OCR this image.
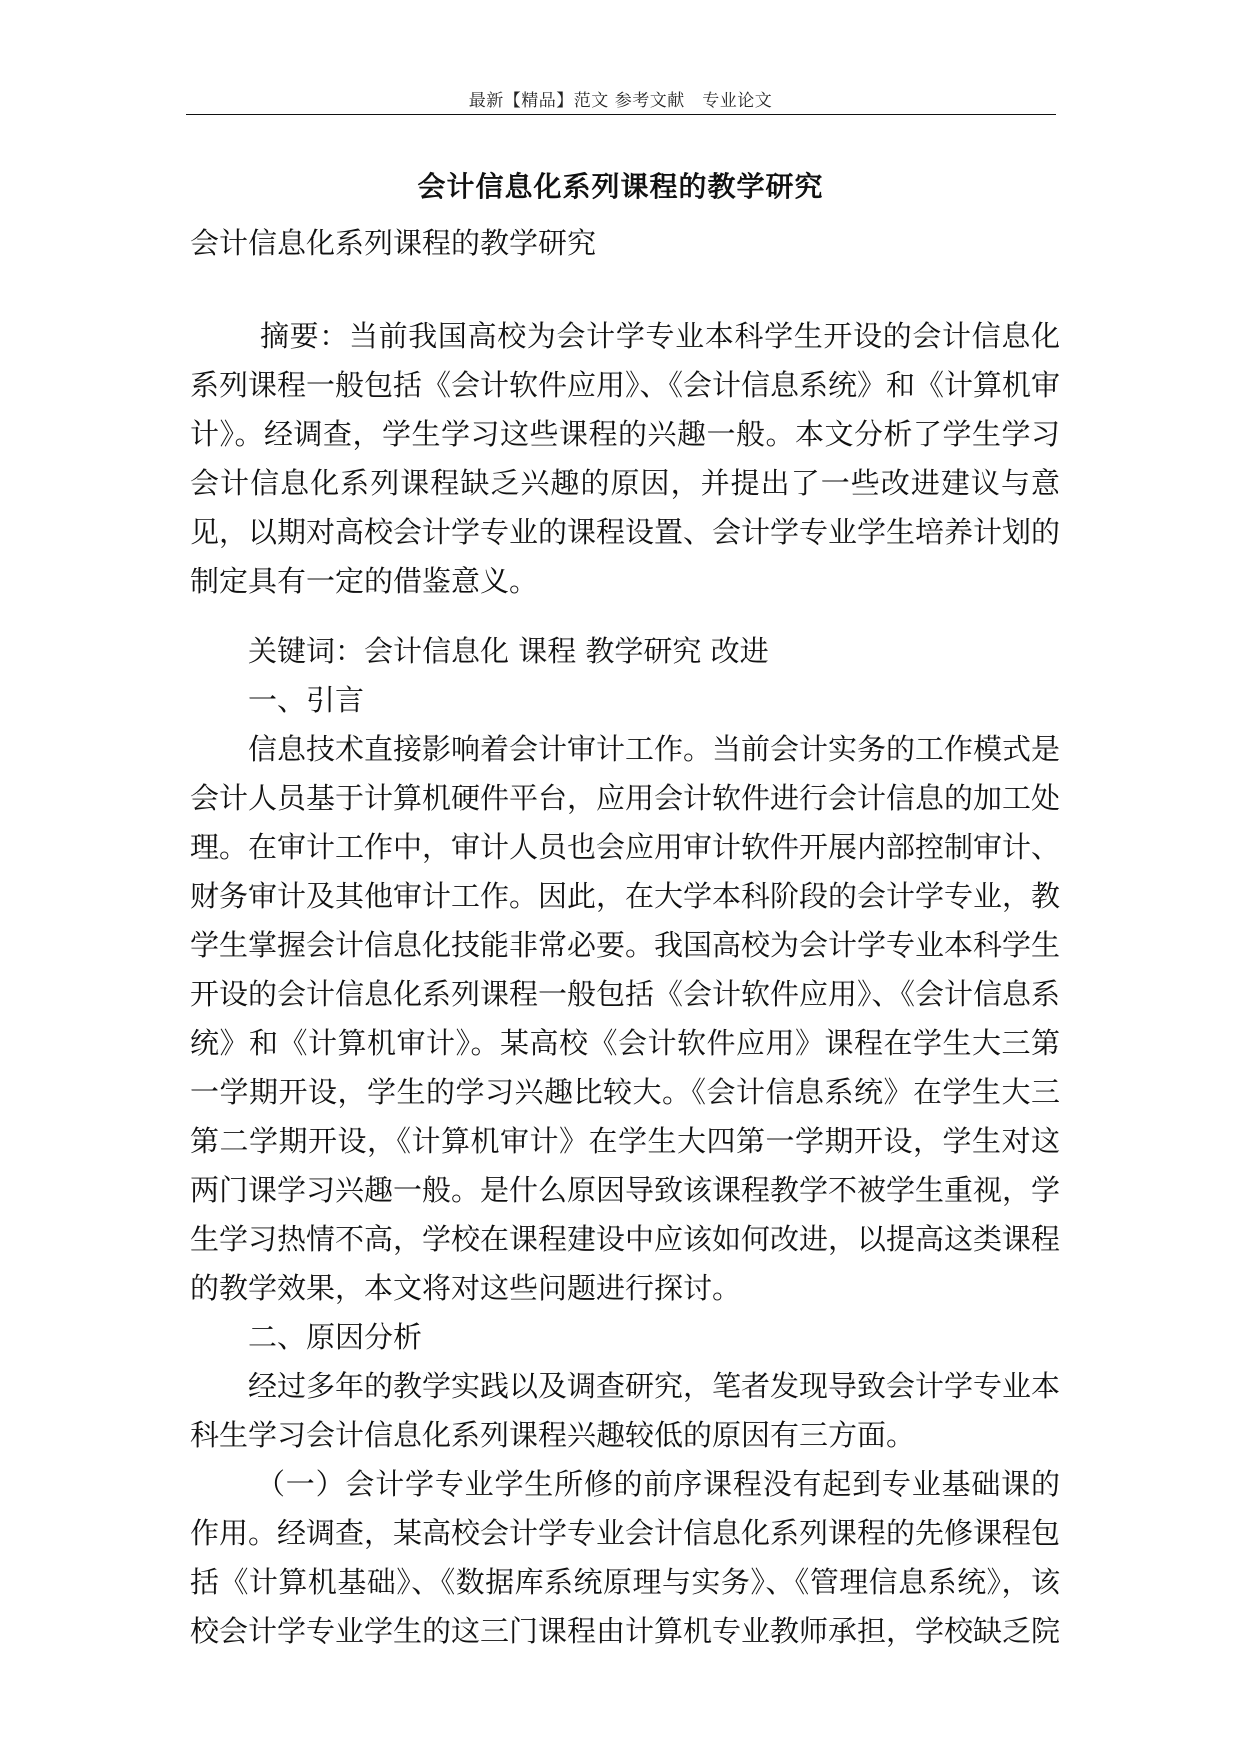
最新【精品】范文 参考文献　专业论文
会计信息化系列课程的教学研究

会计信息化系列课程的教学研究

摘要：当前我国高校为会计学专业本科学生开设的会计信息化系列课程一般包括《会计软件应用》、《会计信息系统》和《计算机审计》。经调查，学生学习这些课程的兴趣一般。本文分析了学生学习会计信息化系列课程缺乏兴趣的原因，并提出了一些改进建议与意见，以期对高校会计学专业的课程设置、会计学专业学生培养计划的制定具有一定的借鉴意义。

关键词：会计信息化 课程 教学研究 改进

一、引言

信息技术直接影响着会计审计工作。当前会计实务的工作模式是会计人员基于计算机硬件平台，应用会计软件进行会计信息的加工处理。在审计工作中，审计人员也会应用审计软件开展内部控制审计、财务审计及其他审计工作。因此，在大学本科阶段的会计学专业，教学生掌握会计信息化技能非常必要。我国高校为会计学专业本科学生开设的会计信息化系列课程一般包括《会计软件应用》、《会计信息系统》和《计算机审计》。某高校《会计软件应用》课程在学生大三第一学期开设，学生的学习兴趣比较大。《会计信息系统》在学生大三第二学期开设，《计算机审计》在学生大四第一学期开设，学生对这两门课学习兴趣一般。是什么原因导致该课程教学不被学生重视，学生学习热情不高，学校在课程建设中应该如何改进，以提高这类课程的教学效果，本文将对这些问题进行探讨。

二、原因分析

经过多年的教学实践以及调查研究，笔者发现导致会计学专业本科生学习会计信息化系列课程兴趣较低的原因有三方面。

（一）会计学专业学生所修的前序课程没有起到专业基础课的作用。经调查，某高校会计学专业会计信息化系列课程的先修课程包括《计算机基础》、《数据库系统原理与实务》、《管理信息系统》，该校会计学专业学生的这三门课程由计算机专业教师承担，学校缺乏院
